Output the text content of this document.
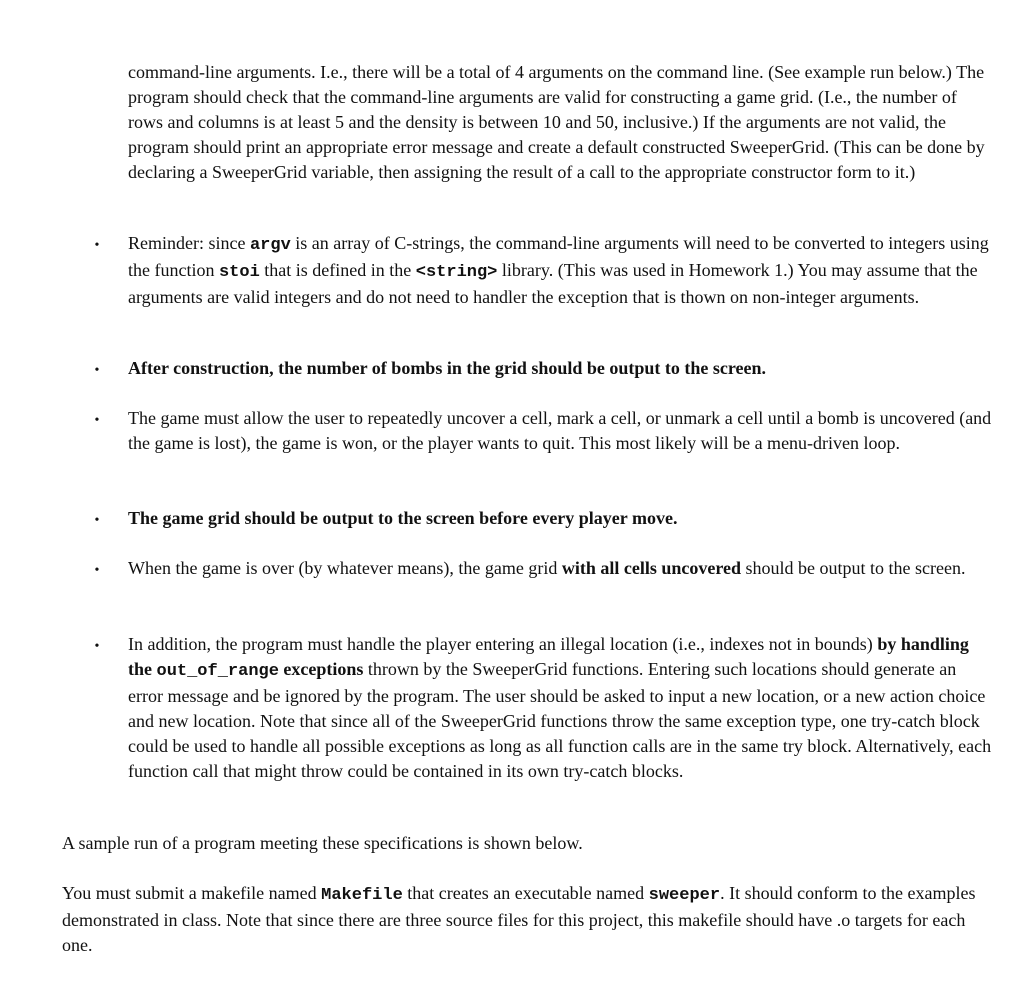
command-line arguments. I.e., there will be a total of 4 arguments on the command line. (See example run below.) The program should check that the command-line arguments are valid for constructing a game grid. (I.e., the number of rows and columns is at least 5 and the density is between 10 and 50, inclusive.) If the arguments are not valid, the program should print an appropriate error message and create a default constructed SweeperGrid. (This can be done by declaring a SweeperGrid variable, then assigning the result of a call to the appropriate constructor form to it.)

• Reminder: since argv is an array of C-strings, the command-line arguments will need to be converted to integers using the function stoi that is defined in the <string> library. (This was used in Homework 1.) You may assume that the arguments are valid integers and do not need to handler the exception that is thown on non-integer arguments.

• After construction, the number of bombs in the grid should be output to the screen.

• The game must allow the user to repeatedly uncover a cell, mark a cell, or unmark a cell until a bomb is uncovered (and the game is lost), the game is won, or the player wants to quit. This most likely will be a menu-driven loop.

• The game grid should be output to the screen before every player move.

• When the game is over (by whatever means), the game grid with all cells uncovered should be output to the screen.

• In addition, the program must handle the player entering an illegal location (i.e., indexes not in bounds) by handling the out_of_range exceptions thrown by the SweeperGrid functions. Entering such locations should generate an error message and be ignored by the program. The user should be asked to input a new location, or a new action choice and new location. Note that since all of the SweeperGrid functions throw the same exception type, one try-catch block could be used to handle all possible exceptions as long as all function calls are in the same try block. Alternatively, each function call that might throw could be contained in its own try-catch blocks.

A sample run of a program meeting these specifications is shown below.

You must submit a makefile named Makefile that creates an executable named sweeper. It should conform to the examples demonstrated in class. Note that since there are three source files for this project, this makefile should have .o targets for each one.
